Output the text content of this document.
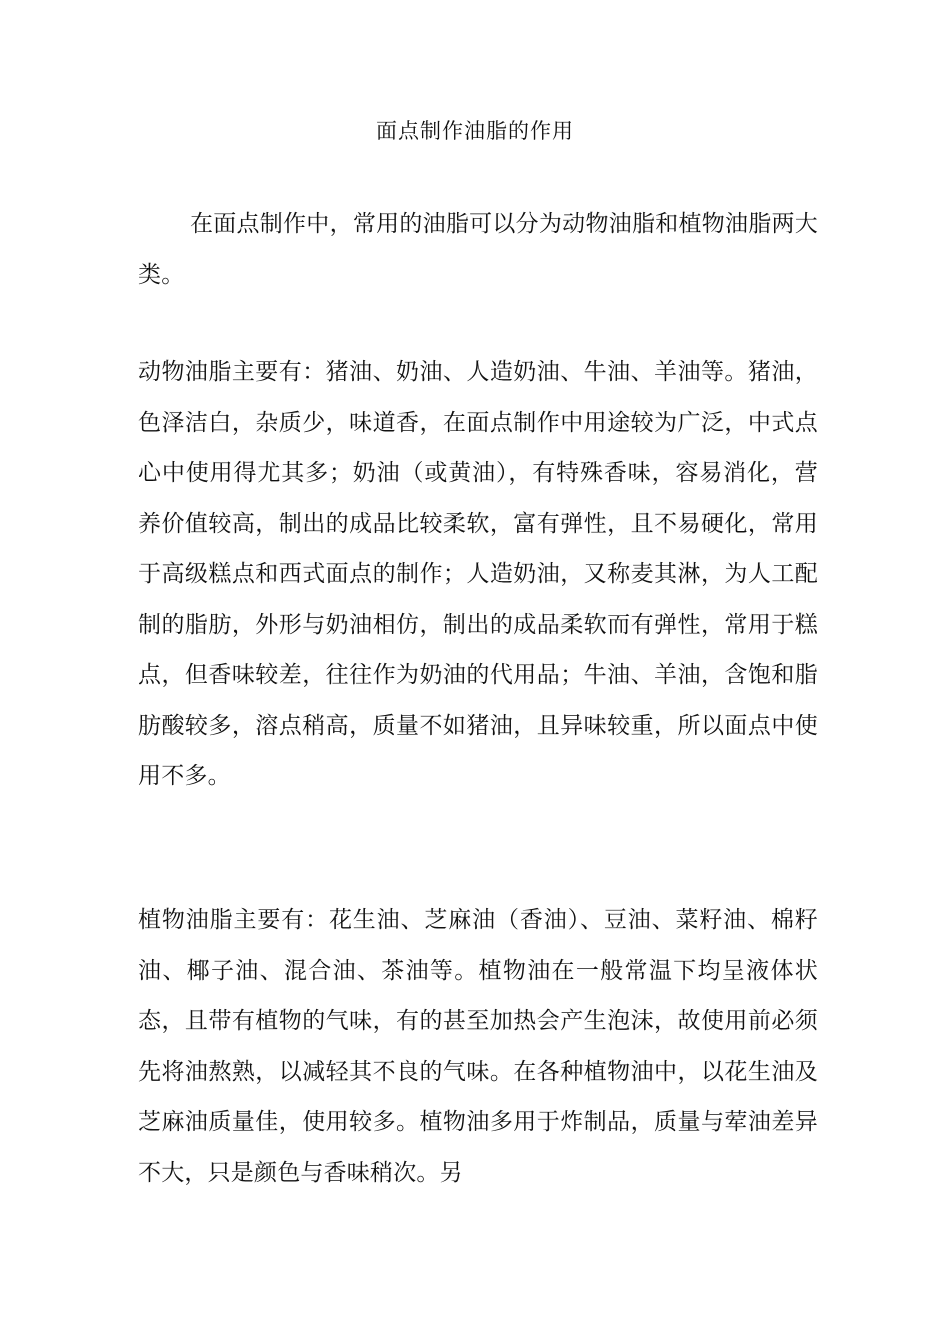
面点制作油脂的作用

在面点制作中，常用的油脂可以分为动物油脂和植物油脂两大类。

动物油脂主要有：猪油、奶油、人造奶油、牛油、羊油等。猪油，色泽洁白，杂质少，味道香，在面点制作中用途较为广泛，中式点心中使用得尤其多；奶油（或黄油），有特殊香味，容易消化，营养价值较高，制出的成品比较柔软，富有弹性，且不易硬化，常用于高级糕点和西式面点的制作；人造奶油，又称麦其淋，为人工配制的脂肪，外形与奶油相仿，制出的成品柔软而有弹性，常用于糕点，但香味较差，往往作为奶油的代用品；牛油、羊油，含饱和脂肪酸较多，溶点稍高，质量不如猪油，且异味较重，所以面点中使用不多。

植物油脂主要有：花生油、芝麻油（香油）、豆油、菜籽油、棉籽油、椰子油、混合油、茶油等。植物油在一般常温下均呈液体状态，且带有植物的气味，有的甚至加热会产生泡沫，故使用前必须先将油熬熟，以减轻其不良的气味。在各种植物油中，以花生油及芝麻油质量佳，使用较多。植物油多用于炸制品，质量与荤油差异不大，只是颜色与香味稍次。另
